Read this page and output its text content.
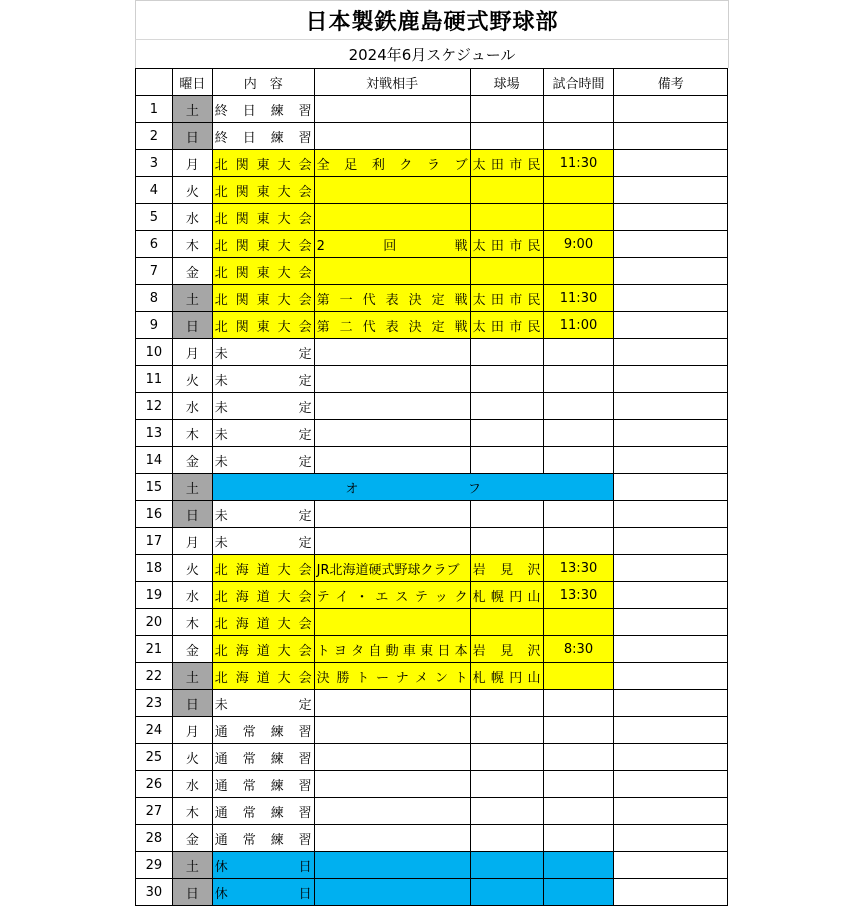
日本製鉄鹿島硬式野球部
2024年6月スケジュール
	曜日	内　容	対戦相手	球場	試合時間	備考
1	土	終日練習				

2	日	終日練習				

3	月	北関東大会	全足利クラブ	太田市民	11:30	
4	火	北関東大会				

5	水	北関東大会				

6	木	北関東大会	2回戦	太田市民	9:00	
7	金	北関東大会				

8	土	北関東大会	第一代表決定戦	太田市民	11:30	
9	日	北関東大会	第二代表決定戦	太田市民	11:00	
10	月	未定				

11	火	未定				

12	水	未定				

13	木	未定				

14	金	未定				

15	土	オフ				

16	日	未定				

17	月	未定				

18	火	北海道大会	JR北海道硬式野球クラブ	岩見沢	13:30	
19	水	北海道大会	テイ・エステック	札幌円山	13:30	
20	木	北海道大会				

21	金	北海道大会	トヨタ自動車東日本	岩見沢	8:30	
22	土	北海道大会	決勝トーナメント	札幌円山		

23	日	未定				

24	月	通常練習				

25	火	通常練習				

26	水	通常練習				

27	木	通常練習				

28	金	通常練習				

29	土	休日				

30	日	休日				
